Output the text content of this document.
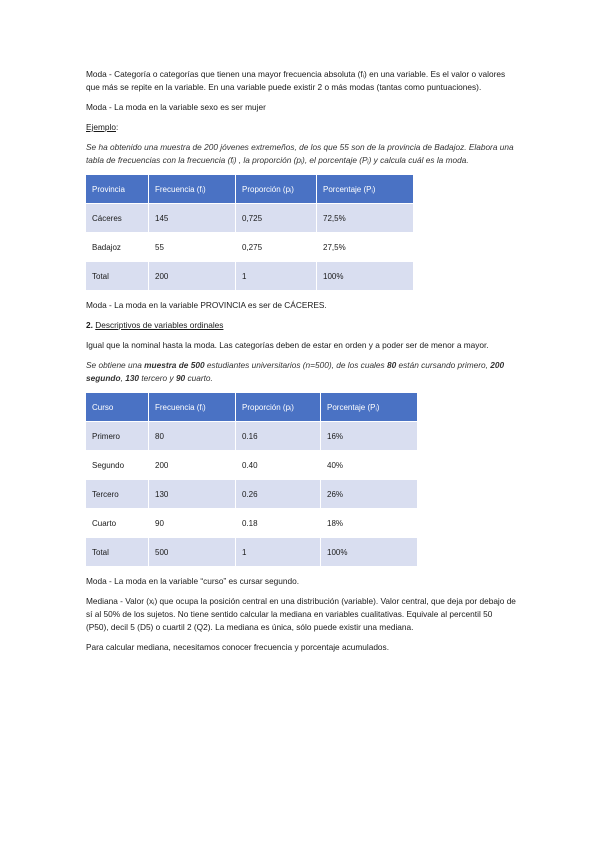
Moda - Categoría o categorías que tienen una mayor frecuencia absoluta (fᵢ) en una variable. Es el valor o valores que más se repite en la variable. En una variable puede existir 2 o más modas (tantas como puntuaciones).

Moda - La moda en la variable sexo es ser mujer

Ejemplo:

Se ha obtenido una muestra de 200 jóvenes extremeños, de los que 55 son de la provincia de Badajoz. Elabora una tabla de frecuencias con la frecuencia (fᵢ) , la proporción (pᵢ), el porcentaje (Pᵢ) y calcula cuál es la moda.

Provincia	Frecuencia (fᵢ)	Proporción (pᵢ)	Porcentaje (Pᵢ)
Cáceres	145	0,725	72,5%
Badajoz	55	0,275	27,5%
Total	200	1	100%

Moda - La moda en la variable PROVINCIA es ser de CÁCERES.

2. Descriptivos de variables ordinales

Igual que la nominal hasta la moda. Las categorías deben de estar en orden y a poder ser de menor a mayor.

Se obtiene una muestra de 500 estudiantes universitarios (n=500), de los cuales 80 están cursando primero, 200 segundo, 130 tercero y 90 cuarto.

Curso	Frecuencia (fᵢ)	Proporción (pᵢ)	Porcentaje (Pᵢ)
Primero	80	0.16	16%
Segundo	200	0.40	40%
Tercero	130	0.26	26%
Cuarto	90	0.18	18%
Total	500	1	100%

Moda - La moda en la variable “curso” es cursar segundo.

Mediana - Valor (xᵢ) que ocupa la posición central en una distribución (variable). Valor central, que deja por debajo de sí al 50% de los sujetos. No tiene sentido calcular la mediana en variables cualitativas. Equivale al percentil 50 (P50), decil 5 (D5) o cuartil 2 (Q2). La mediana es única, sólo puede existir una mediana.

Para calcular mediana, necesitamos conocer frecuencia y porcentaje acumulados.
